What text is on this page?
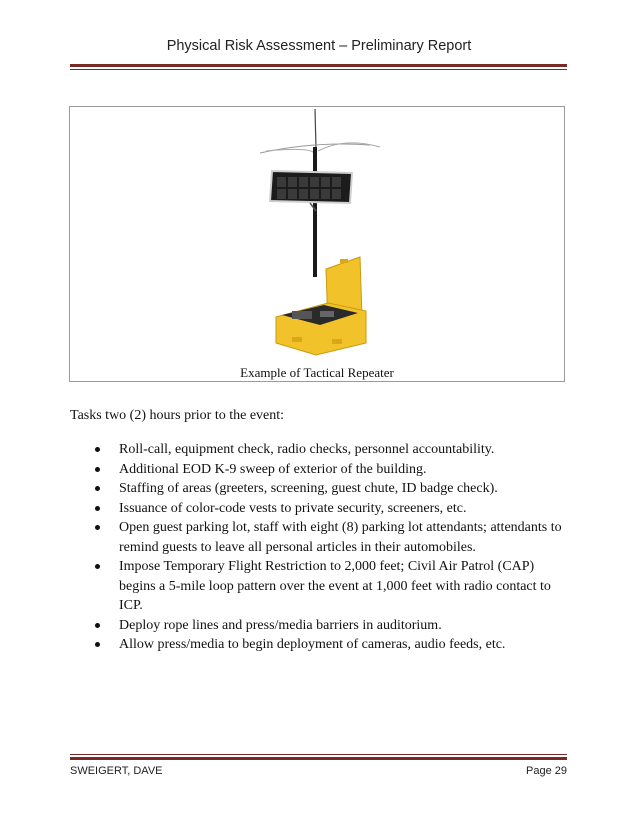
Physical Risk Assessment – Preliminary Report
Example of Tactical Repeater
Tasks two (2) hours prior to the event:
Roll-call, equipment check, radio checks, personnel accountability.
Additional EOD K-9 sweep of exterior of the building.
Staffing of areas (greeters, screening, guest chute, ID badge check).
Issuance of color-code vests to private security, screeners, etc.
Open guest parking lot, staff with eight (8) parking lot attendants; attendants to remind guests to leave all personal articles in their automobiles.
Impose Temporary Flight Restriction to 2,000 feet; Civil Air Patrol (CAP) begins a 5-mile loop pattern over the event at 1,000 feet with radio contact to ICP.
Deploy rope lines and press/media barriers in auditorium.
Allow press/media to begin deployment of cameras, audio feeds, etc.
SWEIGERT, DAVE	Page 29
